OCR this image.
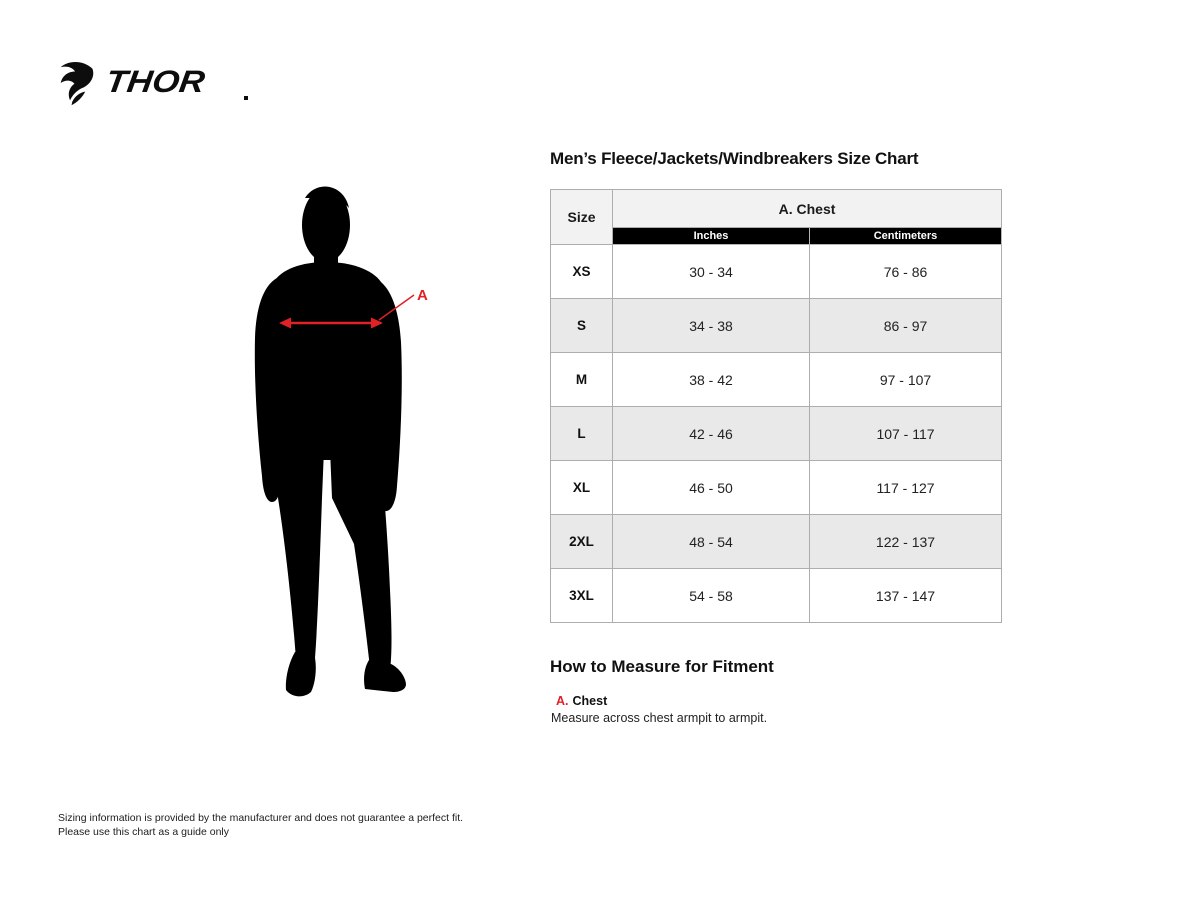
THOR
A
Men’s Fleece/Jackets/Windbreakers Size Chart
Size	A. Chest	
	Inches	Centimeters
XS	30 - 34	76 - 86
S	34 - 38	86 - 97
M	38 - 42	97 - 107
L	42 - 46	107 - 117
XL	46 - 50	117 - 127
2XL	48 - 54	122 - 137
3XL	54 - 58	137 - 147
How to Measure for Fitment
A. Chest

Measure across chest armpit to armpit.

Sizing information is provided by the manufacturer and does not guarantee a perfect fit.
Please use this chart as a guide only
